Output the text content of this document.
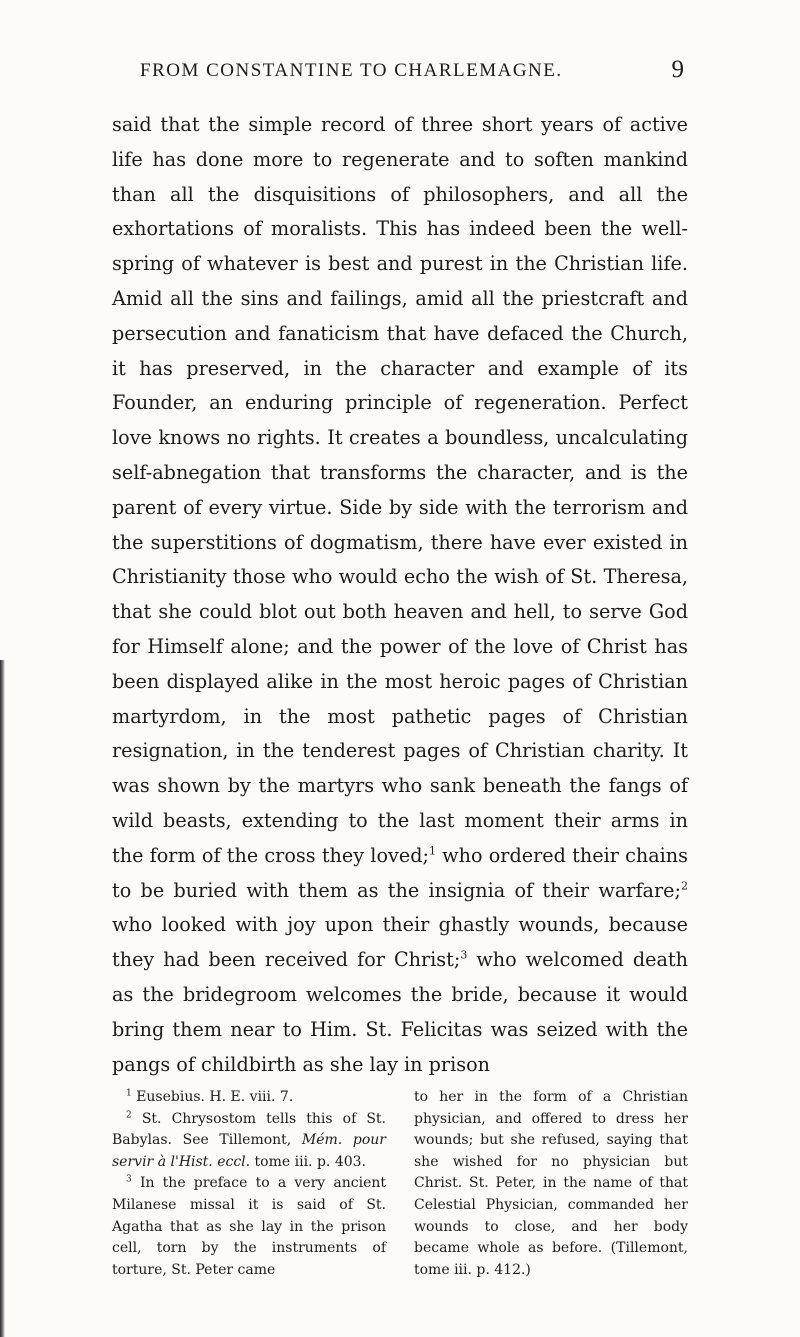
FROM CONSTANTINE TO CHARLEMAGNE.	9

said that the simple record of three short years of active life has done more to regenerate and to soften mankind than all the disquisitions of philosophers, and all the exhortations of moralists. This has indeed been the well-spring of whatever is best and purest in the Christian life. Amid all the sins and failings, amid all the priestcraft and persecution and fanaticism that have defaced the Church, it has preserved, in the character and example of its Founder, an enduring principle of regeneration. Perfect love knows no rights. It creates a boundless, uncalculating self-abnegation that transforms the character, and is the parent of every virtue. Side by side with the terrorism and the superstitions of dogmatism, there have ever existed in Christianity those who would echo the wish of St. Theresa, that she could blot out both heaven and hell, to serve God for Himself alone; and the power of the love of Christ has been displayed alike in the most heroic pages of Christian martyrdom, in the most pathetic pages of Christian resignation, in the tenderest pages of Christian charity. It was shown by the martyrs who sank beneath the fangs of wild beasts, extending to the last moment their arms in the form of the cross they loved;$^1$ who ordered their chains to be buried with them as the insignia of their warfare;$^2$ who looked with joy upon their ghastly wounds, because they had been received for Christ;$^3$ who welcomed death as the bridegroom welcomes the bride, because it would bring them near to Him. St. Felicitas was seized with the pangs of childbirth as she lay in prison

$^1$ Eusebius. H. E. viii. 7.

$^2$ St. Chrysostom tells this of St. Babylas. See Tillemont, Mém. pour servir à l'Hist. eccl. tome iii. p. 403.

$^3$ In the preface to a very ancient Milanese missal it is said of St. Agatha that as she lay in the prison cell, torn by the instruments of torture, St. Peter came

to her in the form of a Christian physician, and offered to dress her wounds; but she refused, saying that she wished for no physician but Christ. St. Peter, in the name of that Celestial Physician, commanded her wounds to close, and her body became whole as before. (Tillemont, tome iii. p. 412.)
